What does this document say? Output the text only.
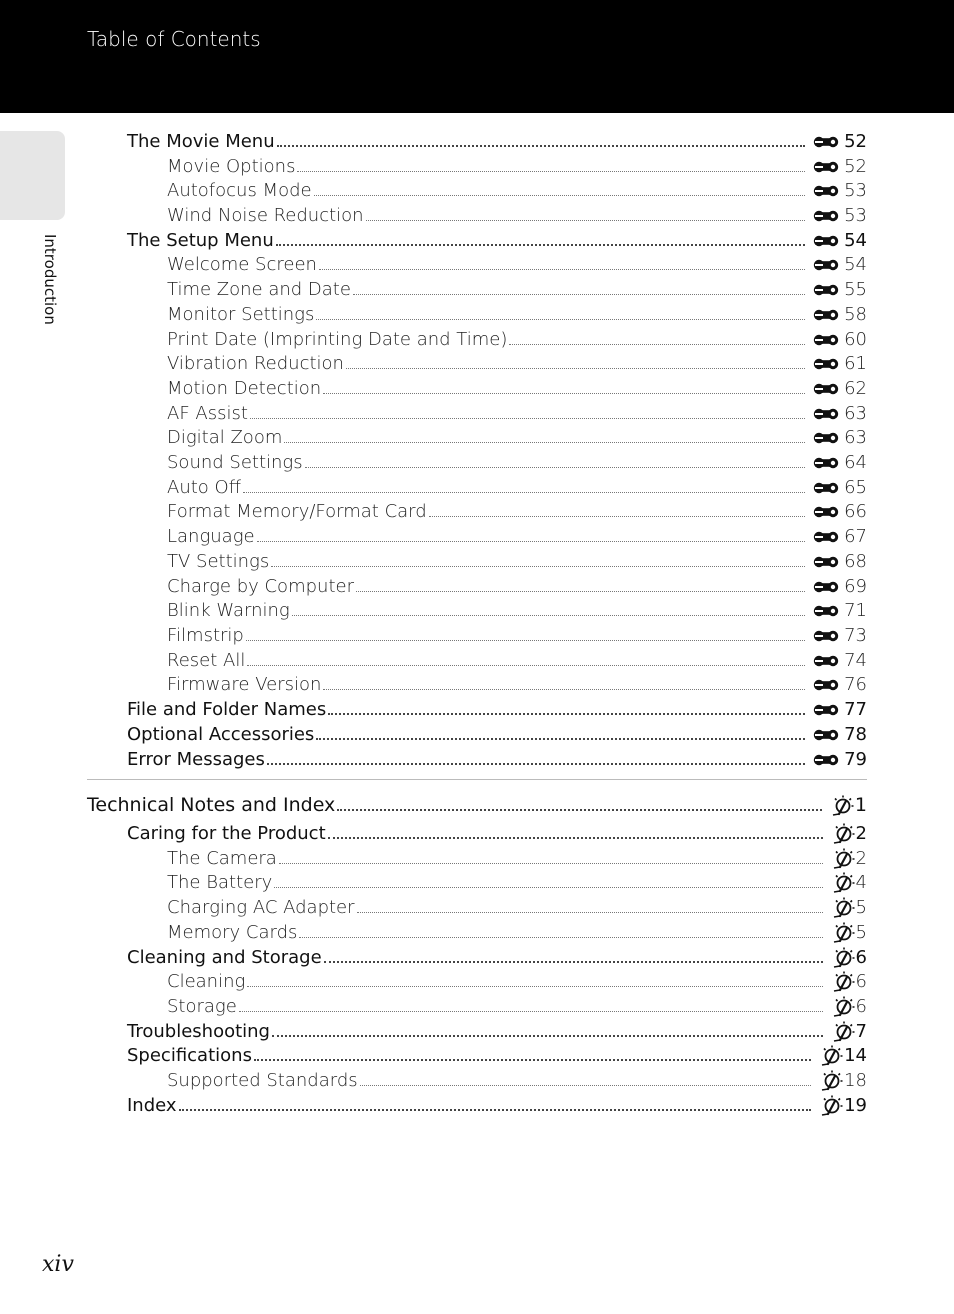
Table of Contents
Introduction
The Movie Menu	52
Movie Options	52
Autofocus Mode	53
Wind Noise Reduction	53
The Setup Menu	54
Welcome Screen	54
Time Zone and Date	55
Monitor Settings	58
Print Date (Imprinting Date and Time)	60
Vibration Reduction	61
Motion Detection	62
AF Assist	63
Digital Zoom	63
Sound Settings	64
Auto Off	65
Format Memory/Format Card	66
Language	67
TV Settings	68
Charge by Computer	69
Blink Warning	71
Filmstrip	73
Reset All	74
Firmware Version	76
File and Folder Names	77
Optional Accessories	78
Error Messages	79
Technical Notes and Index	1
Caring for the Product	2
The Camera	2
The Battery	4
Charging AC Adapter	5
Memory Cards	5
Cleaning and Storage	6
Cleaning	6
Storage	6
Troubleshooting	7
Specifications	14
Supported Standards	18
Index	19
xiv
